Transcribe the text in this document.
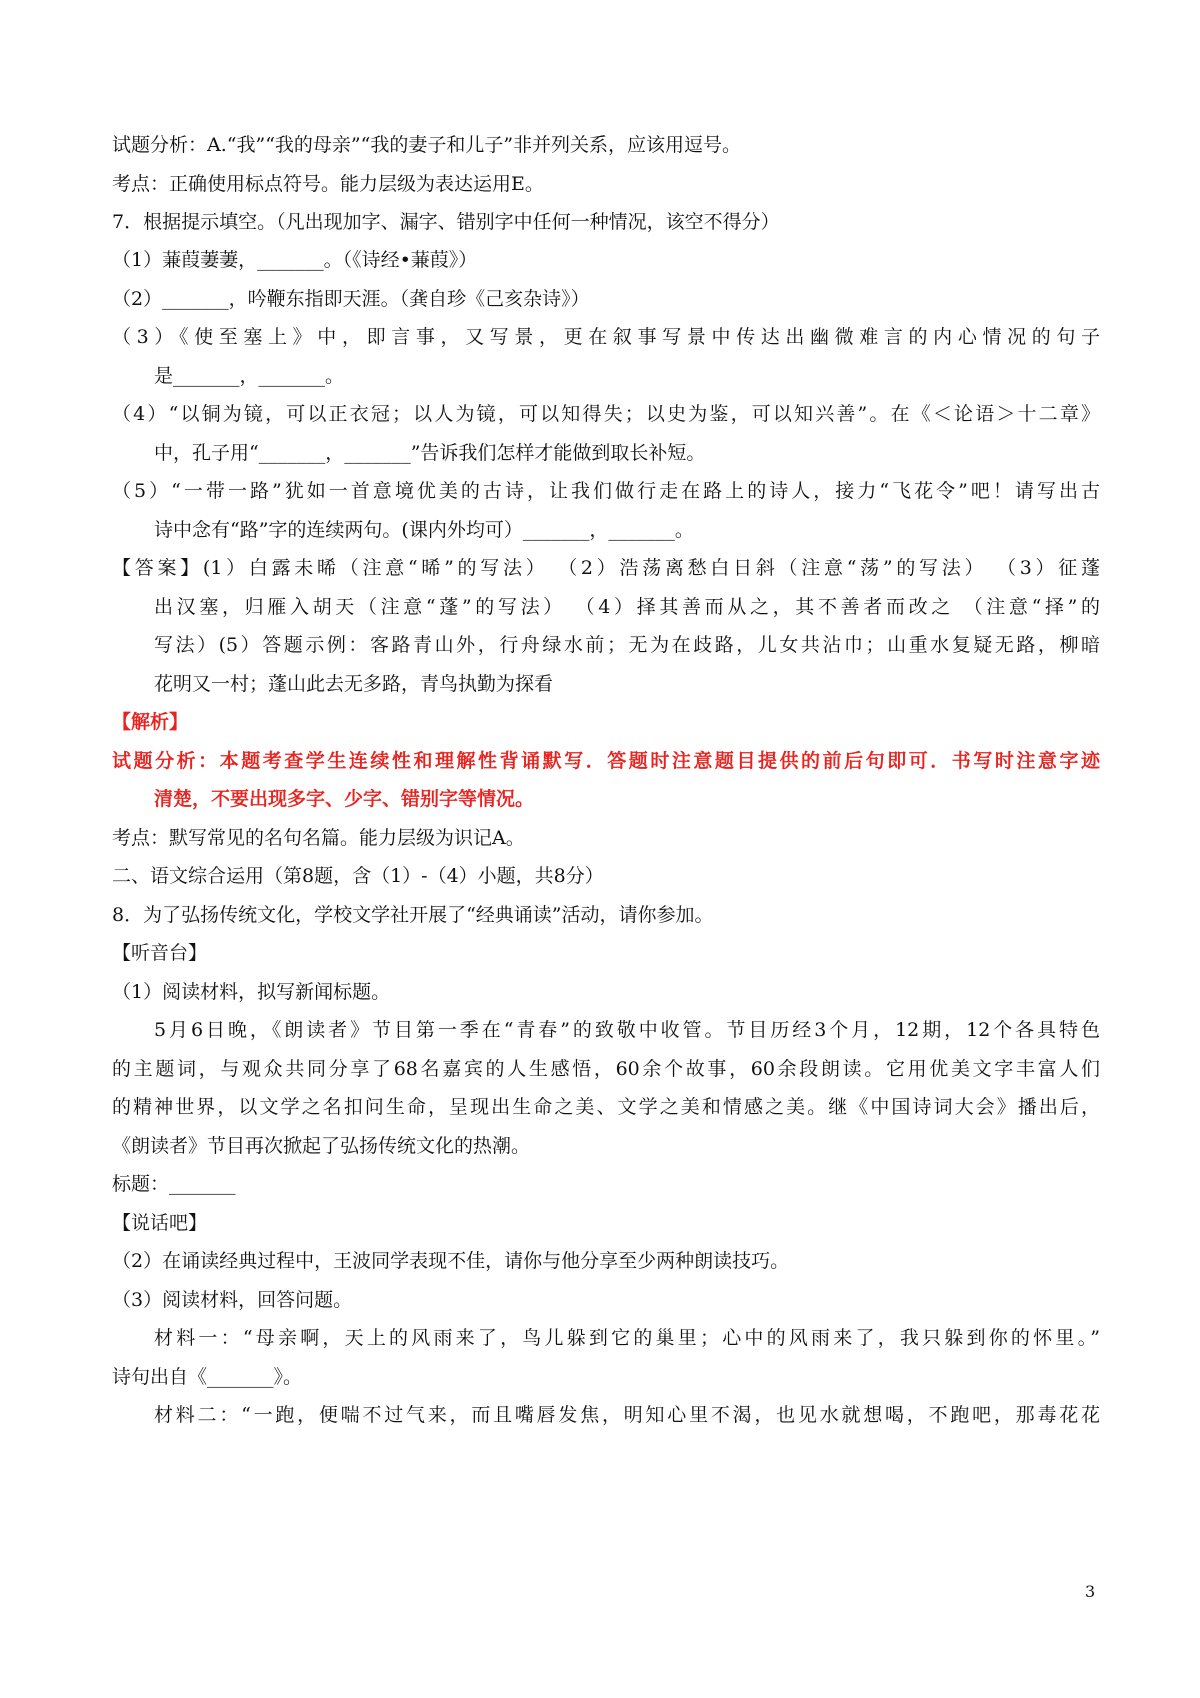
试题分析：A.“我”“我的母亲”“我的妻子和儿子”非并列关系，应该用逗号。
考点：正确使用标点符号。能力层级为表达运用E。
7．根据提示填空。（凡出现加字、漏字、错别字中任何一种情况，该空不得分）
（1）蒹葭萋萋，_______。（《诗经•蒹葭》）
（2）_______，吟鞭东指即天涯。（龚自珍《己亥杂诗》）
（3）《使至塞上》中，即言事，又写景，更在叙事写景中传达出幽微难言的内心情况的句子
是_______，_______。
（4）“以铜为镜，可以正衣冠；以人为镜，可以知得失；以史为鉴，可以知兴善”。在《＜论语＞十二章》
中，孔子用“_______，_______”告诉我们怎样才能做到取长补短。
（5）“一带一路”犹如一首意境优美的古诗，让我们做行走在路上的诗人，接力“飞花令”吧！请写出古
诗中念有“路”字的连续两句。(课内外均可）_______，_______。
【答案】(1）白露未晞（注意“晞”的写法） （2）浩荡离愁白日斜（注意“荡”的写法） （3）征蓬
出汉塞，归雁入胡天（注意“蓬”的写法） （4）择其善而从之，其不善者而改之 （注意“择”的
写法）(5）答题示例：客路青山外，行舟绿水前；无为在歧路，儿女共沾巾；山重水复疑无路，柳暗
花明又一村；蓬山此去无多路，青鸟执勤为探看
【解析】
试题分析：本题考查学生连续性和理解性背诵默写．答题时注意题目提供的前后句即可．书写时注意字迹
清楚，不要出现多字、少字、错别字等情况。
考点：默写常见的名句名篇。能力层级为识记A。
二、语文综合运用（第8题，含（1）-（4）小题，共8分）
8．为了弘扬传统文化，学校文学社开展了“经典诵读”活动，请你参加。
【听音台】
（1）阅读材料，拟写新闻标题。
5月6日晚，《朗读者》节目第一季在“青春”的致敬中收管。节目历经3个月，12期，12个各具特色
的主题词，与观众共同分享了68名嘉宾的人生感悟，60余个故事，60余段朗读。它用优美文字丰富人们
的精神世界，以文学之名扣问生命，呈现出生命之美、文学之美和情感之美。继《中国诗词大会》播出后，
《朗读者》节目再次掀起了弘扬传统文化的热潮。
标题：_______
【说话吧】
（2）在诵读经典过程中，王波同学表现不佳，请你与他分享至少两种朗读技巧。
（3）阅读材料，回答问题。
材料一：“母亲啊，天上的风雨来了，鸟儿躲到它的巢里；心中的风雨来了，我只躲到你的怀里。”
诗句出自《_______》。
材料二：“一跑，便喘不过气来，而且嘴唇发焦，明知心里不渴，也见水就想喝，不跑吧，那毒花花
3
